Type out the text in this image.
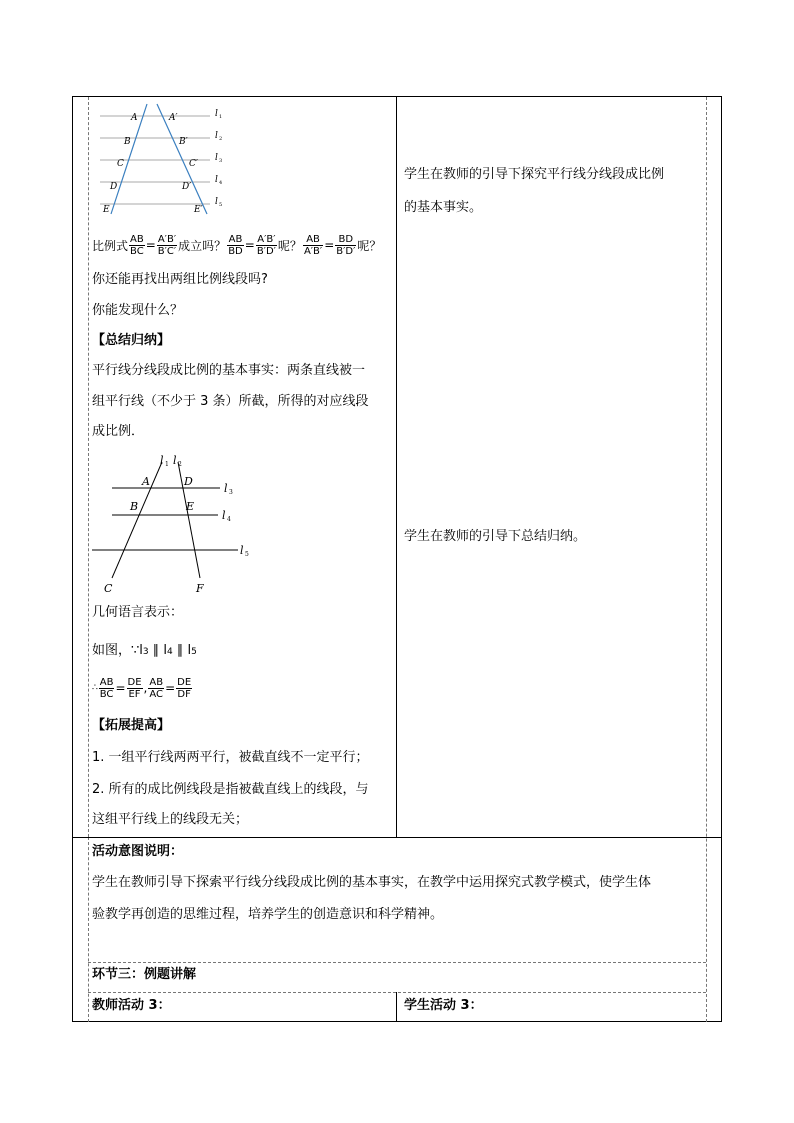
A
B
C
D
E
A′
B′
C′
D′
E′
l
l
l
l
l
1
2
3
4
5
比例式 $\frac{AB}{BC} = \frac{A'B'}{B'C'}$ 成立吗？ $\frac{AB}{BD} = \frac{A'B'}{B'D'}$ 呢？ $\frac{AB}{A'B'} = \frac{BD}{B'D'}$ 呢？
你还能再找出两组比例线段吗?
你能发现什么？
【总结归纳】
平行线分线段成比例的基本事实：两条直线被一
组平行线（不少于 3 条）所截，所得的对应线段
成比例．
A	D
B	E
C	F
l l
l
l
l
1 2
3
4
5
几何语言表示：
如图，∵l3 ∥ l4 ∥ l5
∴ $\frac{AB}{BC} = \frac{DE}{EF}$ , $\frac{AB}{AC} = \frac{DE}{DF}$
【拓展提高】
1. 一组平行线两两平行，被截直线不一定平行；
2. 所有的成比例线段是指被截直线上的线段，与
这组平行线上的线段无关；
学生在教师的引导下探究平行线分线段成比例
的基本事实。
学生在教师的引导下总结归纳。
活动意图说明：
学生在教师引导下探索平行线分线段成比例的基本事实，在教学中运用探究式教学模式，使学生体
验教学再创造的思维过程，培养学生的创造意识和科学精神。
环节三：例题讲解
教师活动 3：	学生活动 3：
